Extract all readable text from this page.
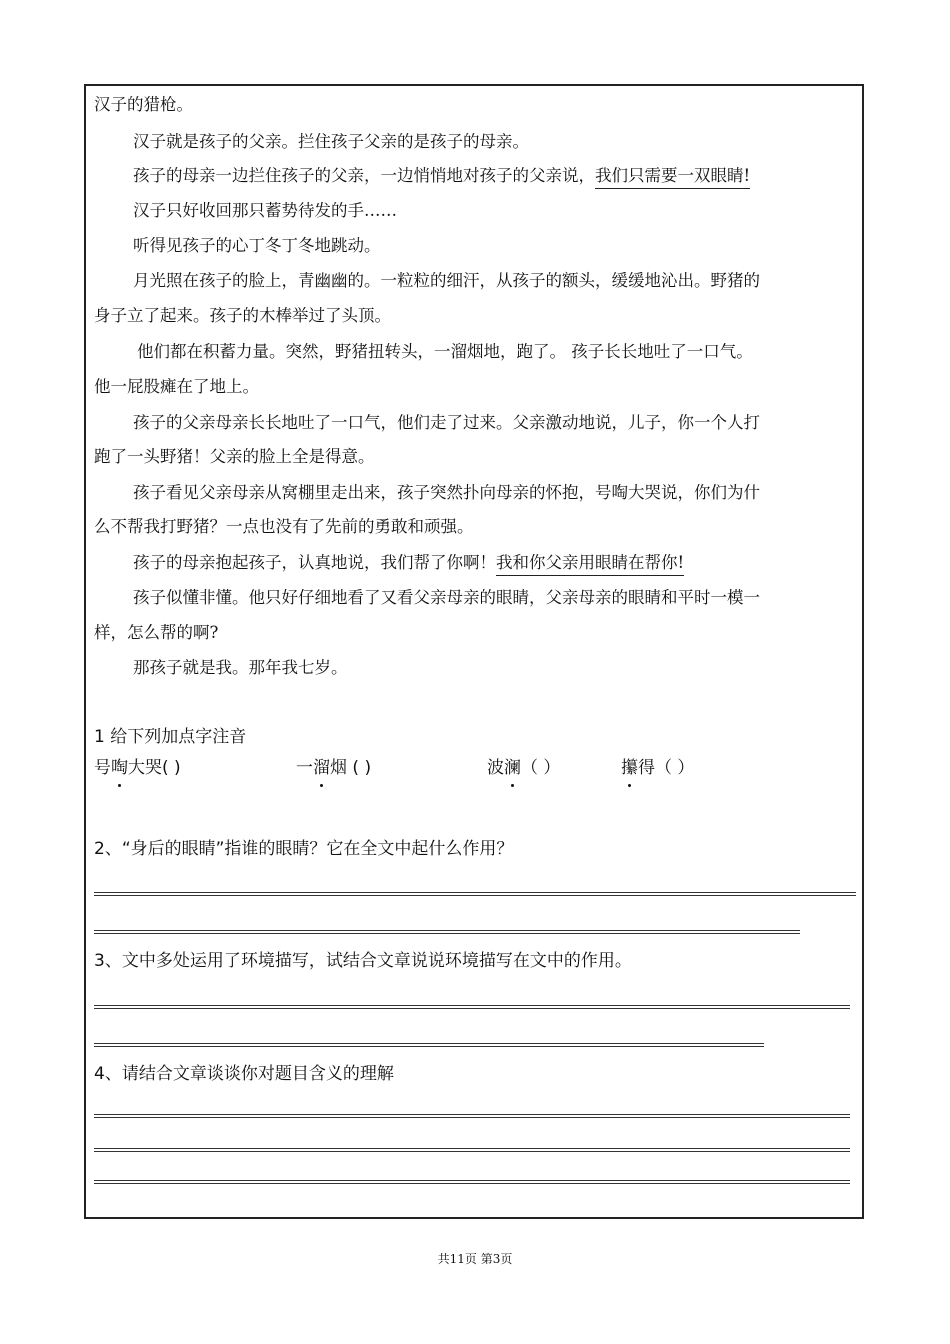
汉子的猎枪。
汉子就是孩子的父亲。拦住孩子父亲的是孩子的母亲。
孩子的母亲一边拦住孩子的父亲，一边悄悄地对孩子的父亲说，我们只需要一双眼睛!
汉子只好收回那只蓄势待发的手……
听得见孩子的心丁冬丁冬地跳动。
月光照在孩子的脸上，青幽幽的。一粒粒的细汗，从孩子的额头，缓缓地沁出。野猪的
身子立了起来。孩子的木棒举过了头顶。
他们都在积蓄力量。突然，野猪扭转头，一溜烟地，跑了。 孩子长长地吐了一口气。
他一屁股瘫在了地上。
孩子的父亲母亲长长地吐了一口气，他们走了过来。父亲激动地说，儿子，你一个人打
跑了一头野猪！父亲的脸上全是得意。
孩子看见父亲母亲从窝棚里走出来，孩子突然扑向母亲的怀抱，号啕大哭说，你们为什
么不帮我打野猪？一点也没有了先前的勇敢和顽强。
孩子的母亲抱起孩子，认真地说，我们帮了你啊！我和你父亲用眼睛在帮你!
孩子似懂非懂。他只好仔细地看了又看父亲母亲的眼睛，父亲母亲的眼睛和平时一模一
样，怎么帮的啊?
那孩子就是我。那年我七岁。
1 给下列加点字注音
号啕大哭( )	一溜烟 ( )	波澜（ ）	攥得（ ）
2、“身后的眼睛”指谁的眼睛？它在全文中起什么作用？
3、文中多处运用了环境描写，试结合文章说说环境描写在文中的作用。
4、请结合文章谈谈你对题目含义的理解
共11页 第3页
